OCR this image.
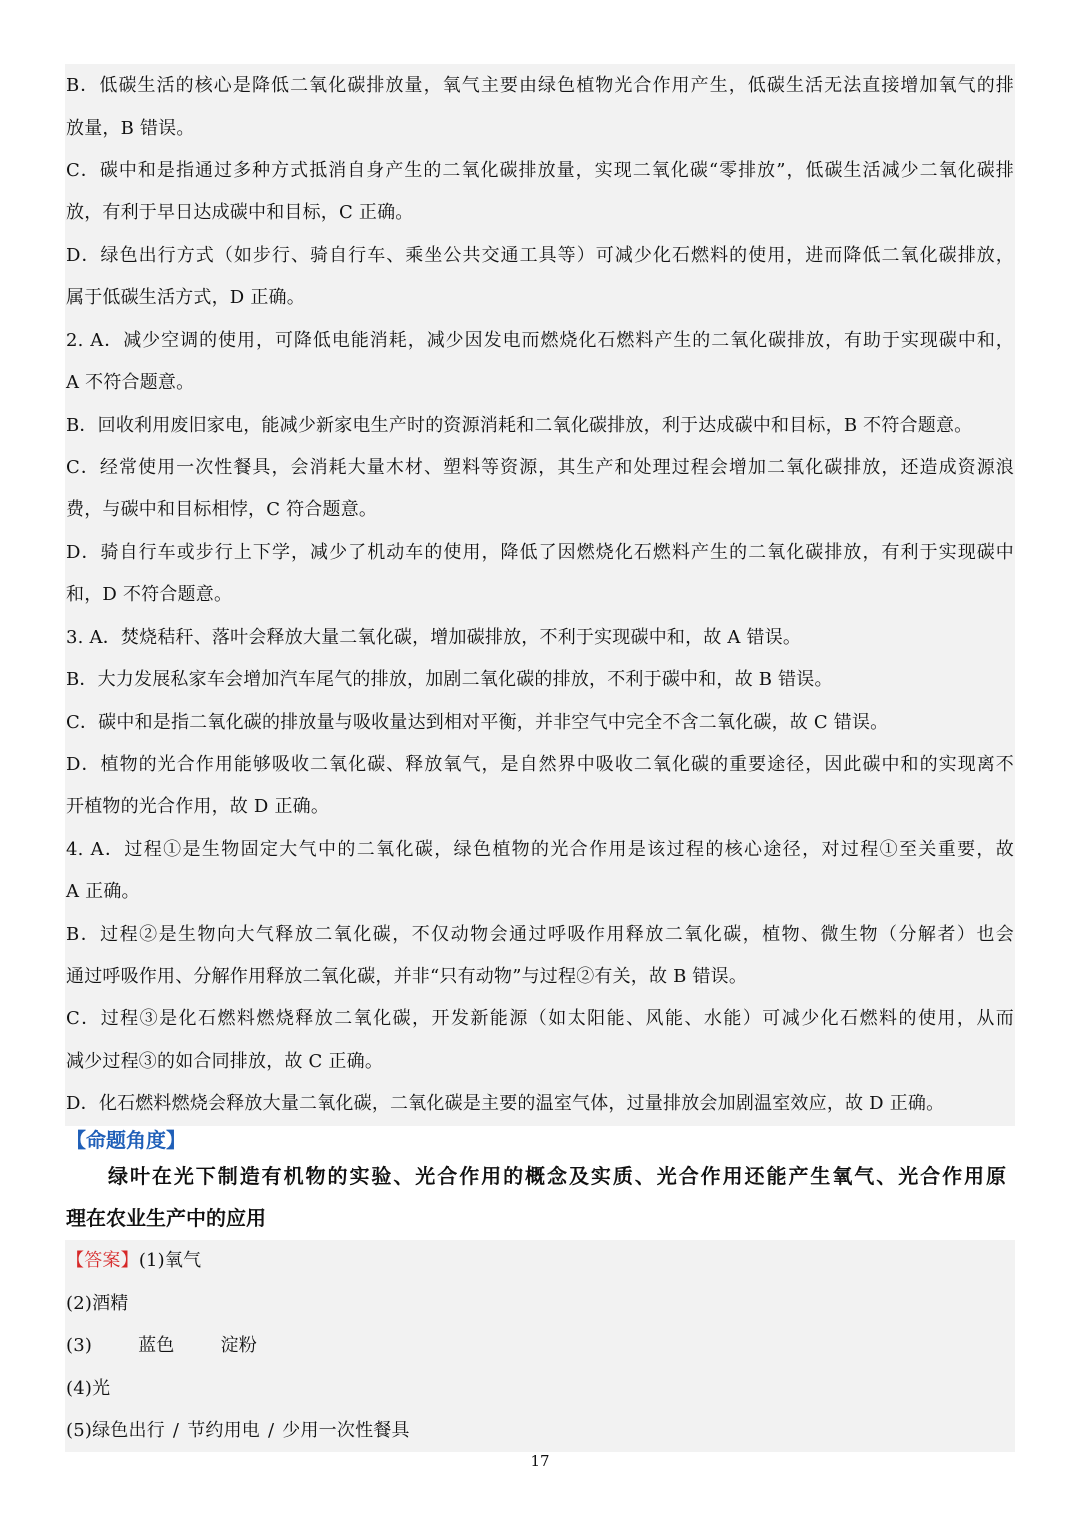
B．低碳生活的核心是降低二氧化碳排放量，氧气主要由绿色植物光合作用产生，低碳生活无法直接增加氧气的排
放量，B 错误。
C．碳中和是指通过多种方式抵消自身产生的二氧化碳排放量，实现二氧化碳“零排放”，低碳生活减少二氧化碳排
放，有利于早日达成碳中和目标，C 正确。
D．绿色出行方式（如步行、骑自行车、乘坐公共交通工具等）可减少化石燃料的使用，进而降低二氧化碳排放，
属于低碳生活方式，D 正确。
2. A．减少空调的使用，可降低电能消耗，减少因发电而燃烧化石燃料产生的二氧化碳排放，有助于实现碳中和，
A 不符合题意。
B．回收利用废旧家电，能减少新家电生产时的资源消耗和二氧化碳排放，利于达成碳中和目标，B 不符合题意。
C．经常使用一次性餐具，会消耗大量木材、塑料等资源，其生产和处理过程会增加二氧化碳排放，还造成资源浪
费，与碳中和目标相悖，C 符合题意。
D．骑自行车或步行上下学，减少了机动车的使用，降低了因燃烧化石燃料产生的二氧化碳排放，有利于实现碳中
和，D 不符合题意。
3. A．焚烧秸秆、落叶会释放大量二氧化碳，增加碳排放，不利于实现碳中和，故 A 错误。
B．大力发展私家车会增加汽车尾气的排放，加剧二氧化碳的排放，不利于碳中和，故 B 错误。
C．碳中和是指二氧化碳的排放量与吸收量达到相对平衡，并非空气中完全不含二氧化碳，故 C 错误。
D．植物的光合作用能够吸收二氧化碳、释放氧气，是自然界中吸收二氧化碳的重要途径，因此碳中和的实现离不
开植物的光合作用，故 D 正确。
4. A．过程①是生物固定大气中的二氧化碳，绿色植物的光合作用是该过程的核心途径，对过程①至关重要，故
A 正确。
B．过程②是生物向大气释放二氧化碳，不仅动物会通过呼吸作用释放二氧化碳，植物、微生物（分解者）也会
通过呼吸作用、分解作用释放二氧化碳，并非“只有动物”与过程②有关，故 B 错误。
C．过程③是化石燃料燃烧释放二氧化碳，开发新能源（如太阳能、风能、水能）可减少化石燃料的使用，从而
减少过程③的如合同排放，故 C 正确。
D．化石燃料燃烧会释放大量二氧化碳，二氧化碳是主要的温室气体，过量排放会加剧温室效应，故 D 正确。
【命题角度】
绿叶在光下制造有机物的实验、光合作用的概念及实质、光合作用还能产生氧气、光合作用原
理在农业生产中的应用
【答案】(1)氧气
(2)酒精
(3)	蓝色	淀粉
(4)光
(5)绿色出行 / 节约用电 / 少用一次性餐具
17
